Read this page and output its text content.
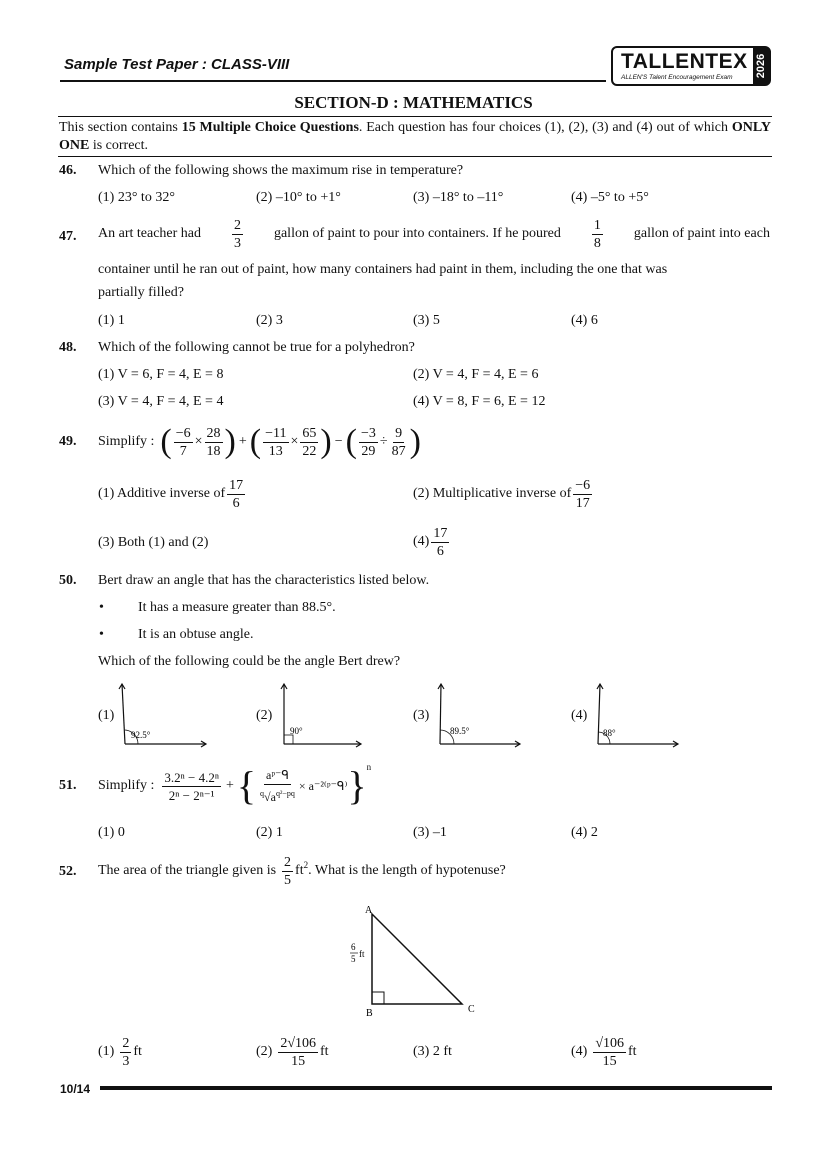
Sample Test Paper : CLASS-VIII	TALLENTEX
ALLEN'S Talent Encouragement Exam 2026
SECTION-D : MATHEMATICS
This section contains 15 Multiple Choice Questions. Each question has four choices (1), (2), (3) and (4) out of which ONLY ONE is correct.
46. Which of the following shows the maximum rise in temperature?
(1) 23° to 32°	(2) –10° to +1°	(3) –18° to –11°	(4) –5° to +5°
47. An art teacher had $\frac{2}{3}$ gallon of paint to pour into containers. If he poured $\frac{1}{8}$ gallon of paint into each
container until he ran out of paint, how many containers had paint in them, including the one that was
partially filled?
(1) 1	(2) 3	(3) 5	(4) 6
48. Which of the following cannot be true for a polyhedron?
(1) V = 6, F = 4, E = 8	(2) V = 4, F = 4, E = 6
(3) V = 4, F = 4, E = 4	(4) V = 8, F = 6, E = 12
49. Simplify : ( $\frac{-6}{7} \times \frac{28}{18}$ ) + ( $\frac{-11}{13} \times \frac{65}{22}$ ) − ( $\frac{-3}{29} \div \frac{9}{87}$ )
(1) Additive inverse of $\frac{17}{6}$	(2) Multiplicative inverse of $\frac{-6}{17}$
(3) Both (1) and (2)	$(4) \frac{17}{6}$
50. Bert draw an angle that has the characteristics listed below.
• It has a measure greater than 88.5°.
• It is an obtuse angle.
Which of the following could be the angle Bert drew?
(1)	(2)	(3)	(4)
92.5°	90°	89.5°	88°
51. Simplify : $\frac{\text{3.2ⁿ − 4.2ⁿ}}{\text{2ⁿ − 2ⁿ⁻¹}}$ + { $\frac{\text{aᵖ⁻ᑫ}}{^q√a^{q^2-pq}}$ × a⁻²⁽ᵖ⁻ᑫ⁾ }$^n$
(1) 0	(2) 1	(3) –1	(4) 2
52. The area of the triangle given is $\frac{2}{5} ft^2$ . What is the length of hypotenuse?
A
B	C
6
5 ft
$(1) \frac{2}{3}$ ft	$(2) \frac{2√106}{15}$ ft	(3) 2 ft	$(4) \frac{√106}{15}$ ft
10/14
